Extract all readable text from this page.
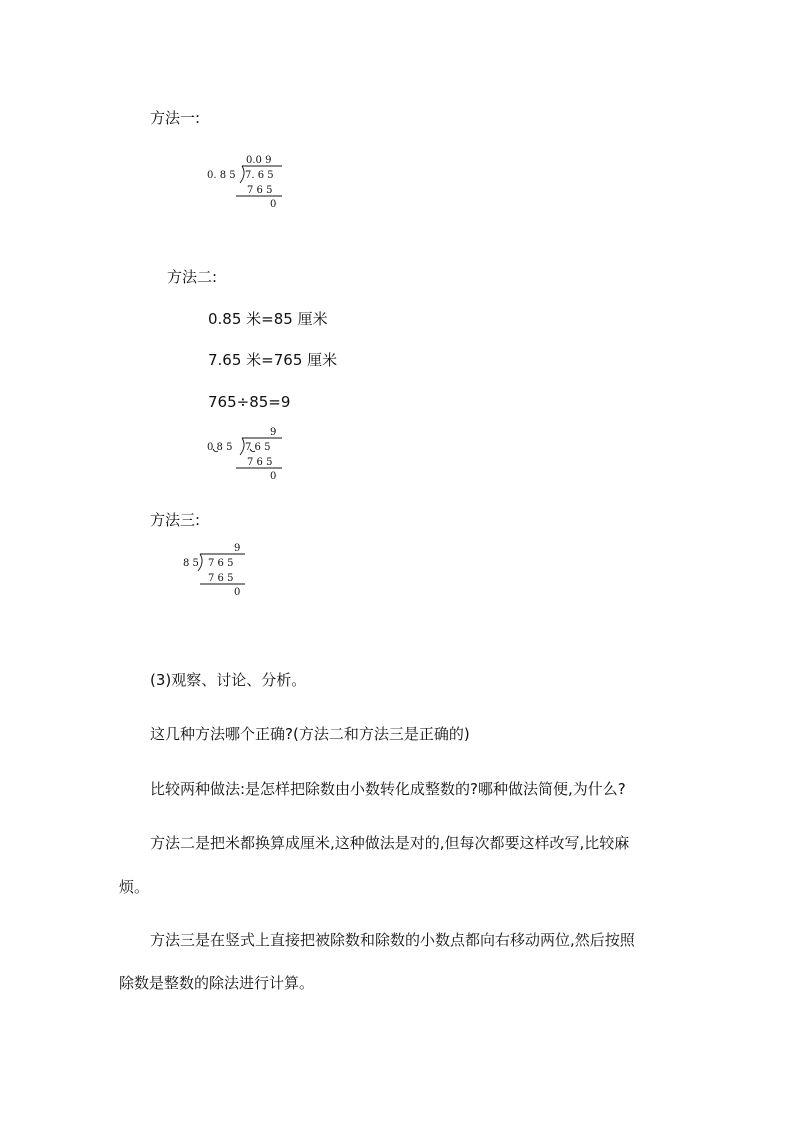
方法一:

0.0 9
0. 8 5 7. 6 5
7 6 5
0

方法二:

0.85 米=85 厘米

7.65 米=765 厘米

765÷85=9

9
0 8 5 7 6 5
7 6 5
0

方法三:

9
8 5 7 6 5
7 6 5
0

(3)观察、讨论、分析。

这几种方法哪个正确?(方法二和方法三是正确的)

比较两种做法:是怎样把除数由小数转化成整数的?哪种做法简便,为什么?

方法二是把米都换算成厘米,这种做法是对的,但每次都要这样改写,比较麻

烦。

方法三是在竖式上直接把被除数和除数的小数点都向右移动两位,然后按照

除数是整数的除法进行计算。
